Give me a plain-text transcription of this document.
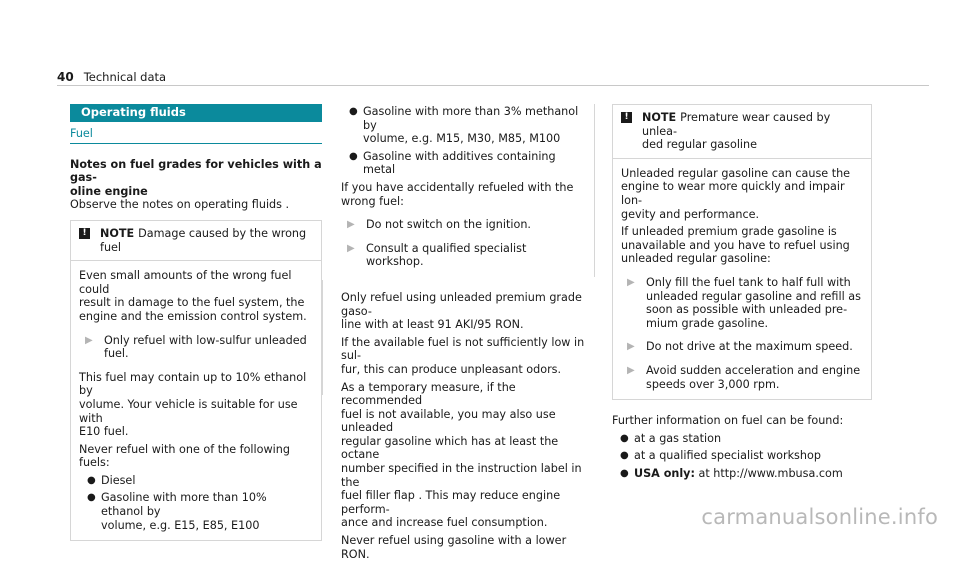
40 Technical data
Operating fluids
Fuel

Notes on fuel grades for vehicles with a gas-
oline engine

Observe the notes on operating fluids .

!	NOTE Damage caused by the wrong fuel

Even small amounts of the wrong fuel could
result in damage to the fuel system, the
engine and the emission control system.

▶	Only refuel with low-sulfur unleaded
fuel.

This fuel may contain up to 10% ethanol by
volume. Your vehicle is suitable for use with
E10 fuel.

Never refuel with one of the following fuels:

● Diesel
● Gasoline with more than 10% ethanol by
volume, e.g. E15, E85, E100
● Gasoline with more than 3% methanol by
volume, e.g. M15, M30, M85, M100
● Gasoline with additives containing metal

If you have accidentally refueled with the
wrong fuel:

▶	Do not switch on the ignition.
▶	Consult a qualified specialist workshop.

Only refuel using unleaded premium grade gaso-
line with at least 91 AKI/95 RON.

If the available fuel is not sufficiently low in sul-
fur, this can produce unpleasant odors.

As a temporary measure, if the recommended
fuel is not available, you may also use unleaded
regular gasoline which has at least the octane
number specified in the instruction label in the
fuel filler flap . This may reduce engine perform-
ance and increase fuel consumption.

Never refuel using gasoline with a lower RON.

!	NOTE Premature wear caused by unlea-
ded regular gasoline

Unleaded regular gasoline can cause the
engine to wear more quickly and impair lon-
gevity and performance.

If unleaded premium grade gasoline is
unavailable and you have to refuel using
unleaded regular gasoline:

▶	Only fill the fuel tank to half full with
unleaded regular gasoline and refill as
soon as possible with unleaded pre-
mium grade gasoline.
▶	Do not drive at the maximum speed.
▶	Avoid sudden acceleration and engine
speeds over 3,000 rpm.

Further information on fuel can be found:

● at a gas station
● at a qualified specialist workshop
● USA only: at http://www.mbusa.com
carmanualsonline.info
